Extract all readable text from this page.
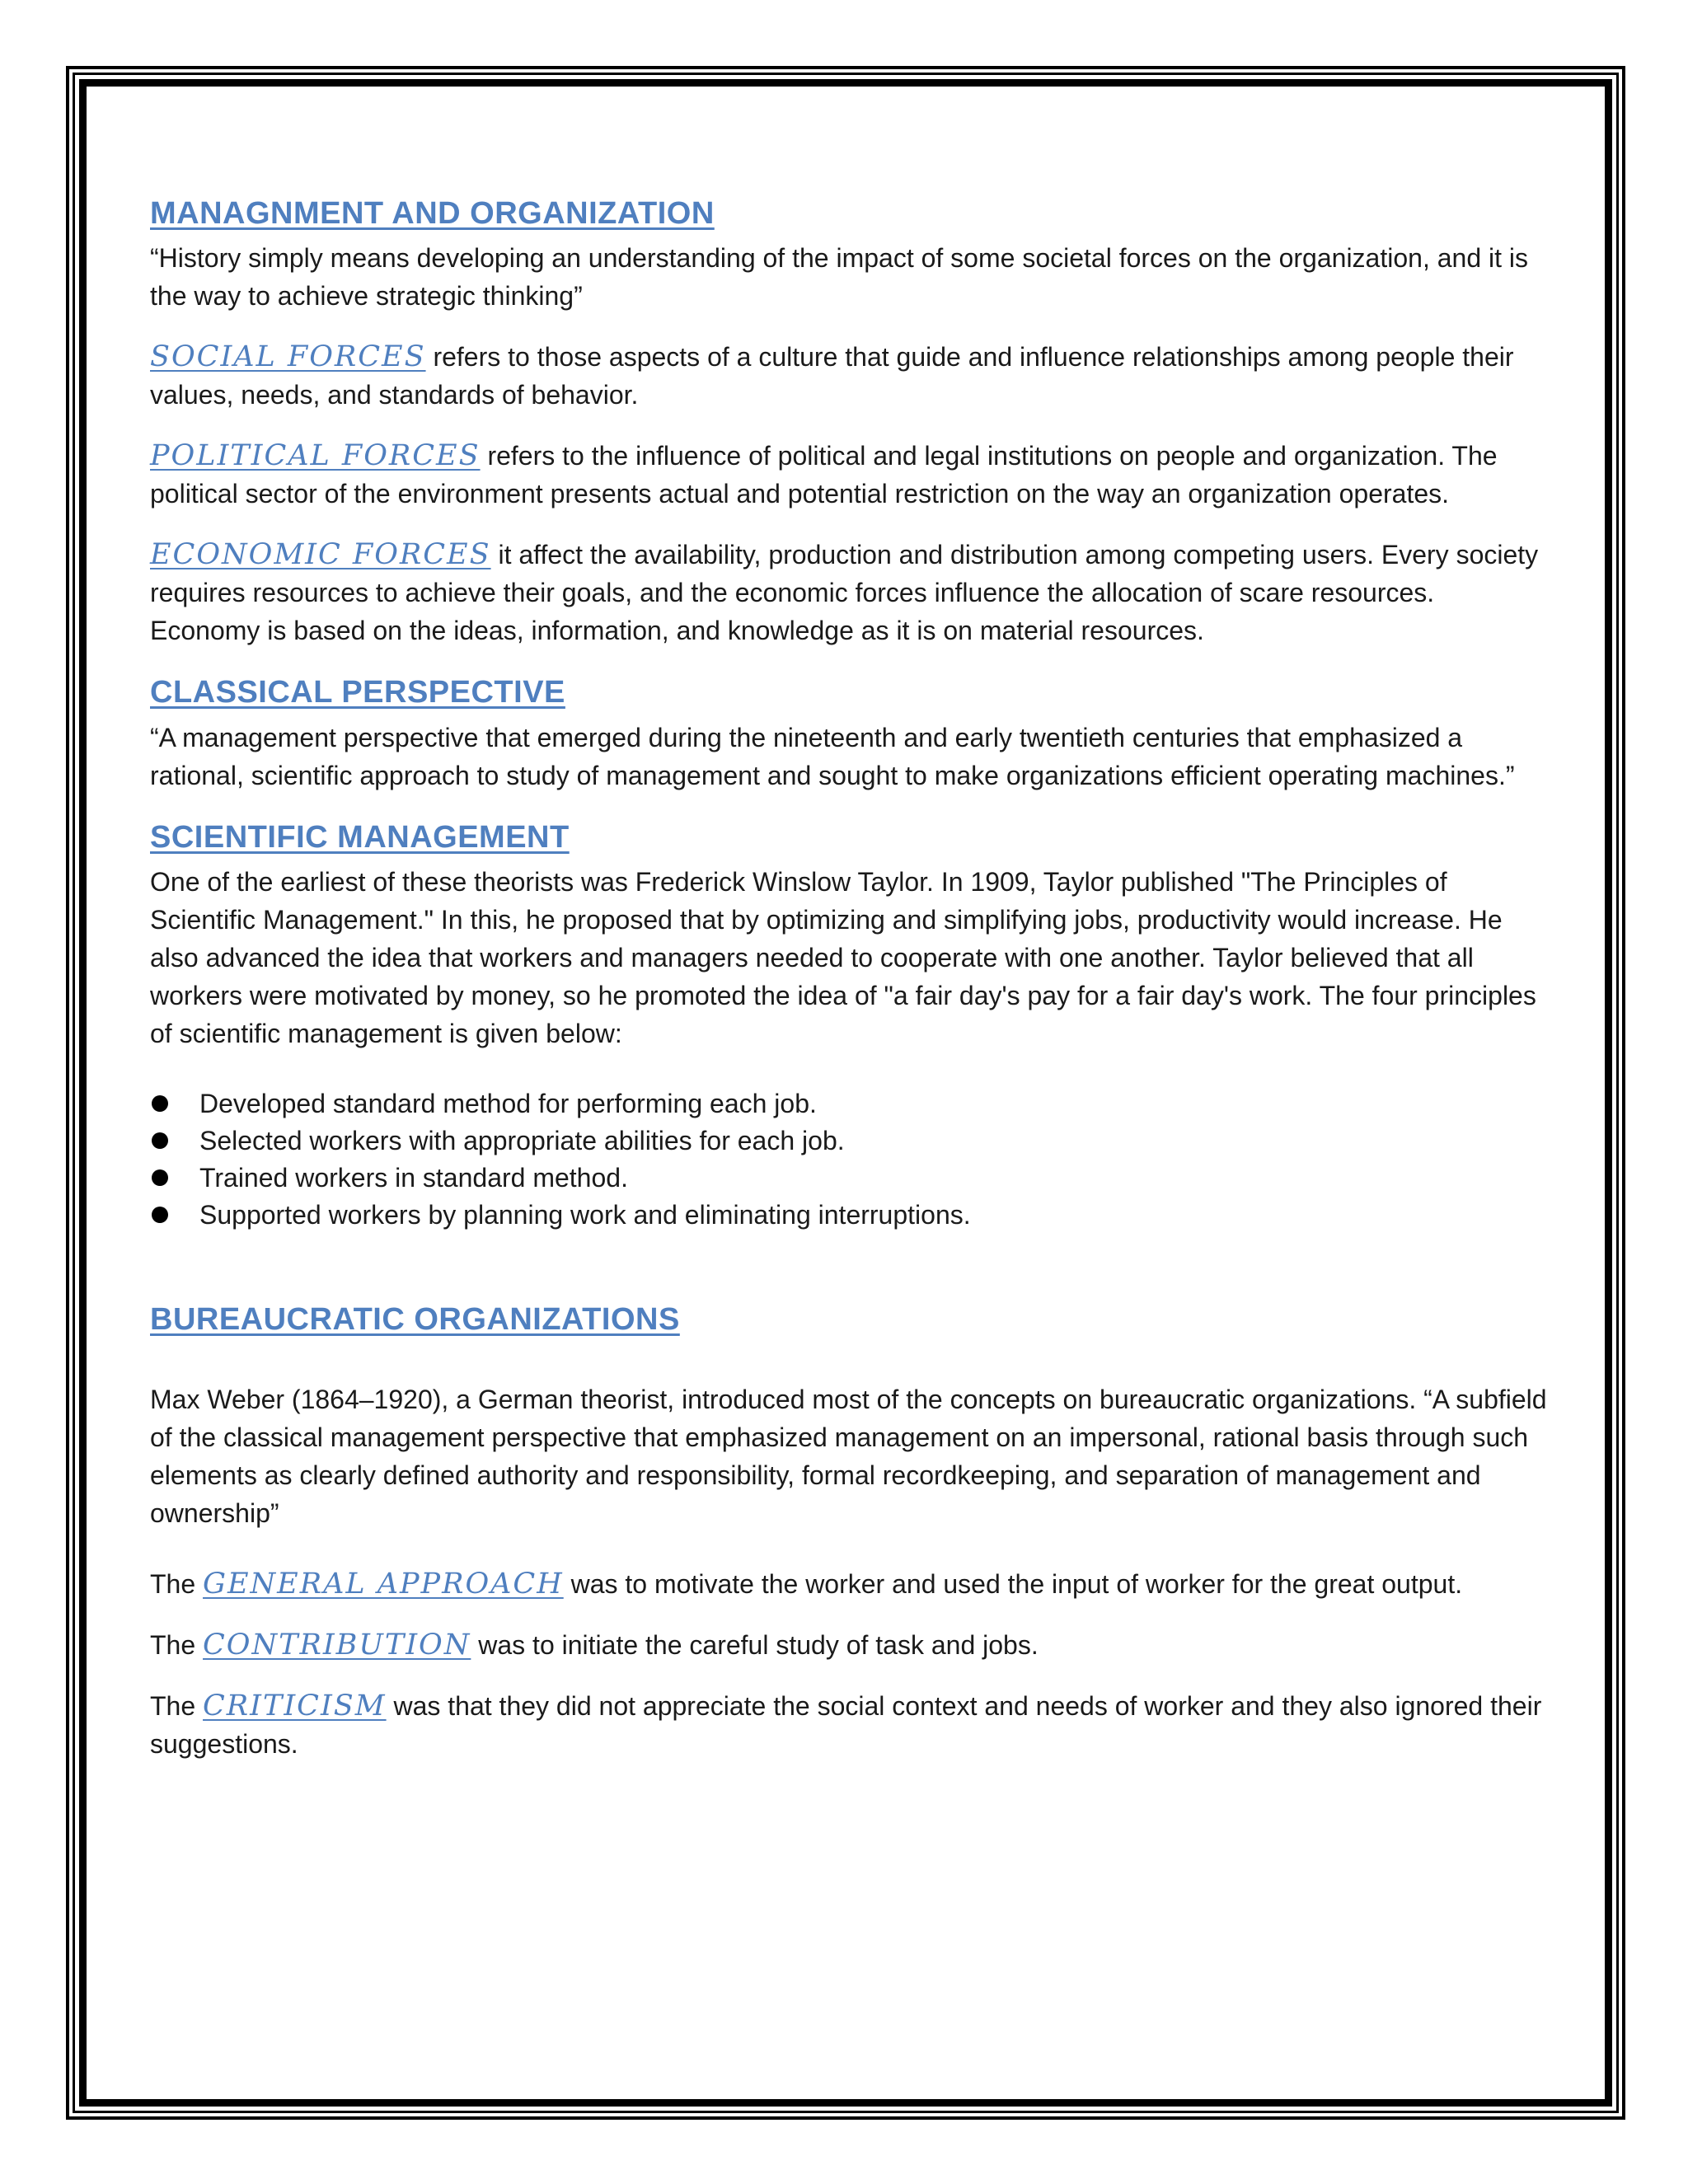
MANAGNMENT AND ORGANIZATION

“History simply means developing an understanding of the impact of some societal forces on the organization, and it is the way to achieve strategic thinking”

SOCIAL FORCES refers to those aspects of a culture that guide and influence relationships among people their values, needs, and standards of behavior.

POLITICAL FORCES refers to the influence of political and legal institutions on people and organization. The political sector of the environment presents actual and potential restriction on the way an organization operates.

ECONOMIC FORCES it affect the availability, production and distribution among competing users. Every society requires resources to achieve their goals, and the economic forces influence the allocation of scare resources. Economy is based on the ideas, information, and knowledge as it is on material resources.

CLASSICAL PERSPECTIVE

“A management perspective that emerged during the nineteenth and early twentieth centuries that emphasized a rational, scientific approach to study of management and sought to make organizations efficient operating machines.”

SCIENTIFIC MANAGEMENT

One of the earliest of these theorists was Frederick Winslow Taylor. In 1909, Taylor published "The Principles of Scientific Management." In this, he proposed that by optimizing and simplifying jobs, productivity would increase. He also advanced the idea that workers and managers needed to cooperate with one another. Taylor believed that all workers were motivated by money, so he promoted the idea of "a fair day's pay for a fair day's work. The four principles of scientific management is given below:

Developed standard method for performing each job.
Selected workers with appropriate abilities for each job.
Trained workers in standard method.
Supported workers by planning work and eliminating interruptions.
BUREAUCRATIC ORGANIZATIONS

Max Weber (1864–1920), a German theorist, introduced most of the concepts on bureaucratic organizations. “A subfield of the classical management perspective that emphasized management on an impersonal, rational basis through such elements as clearly defined authority and responsibility, formal recordkeeping, and separation of management and ownership”

The GENERAL APPROACH was to motivate the worker and used the input of worker for the great output.

The CONTRIBUTION was to initiate the careful study of task and jobs.

The CRITICISM was that they did not appreciate the social context and needs of worker and they also ignored their suggestions.
